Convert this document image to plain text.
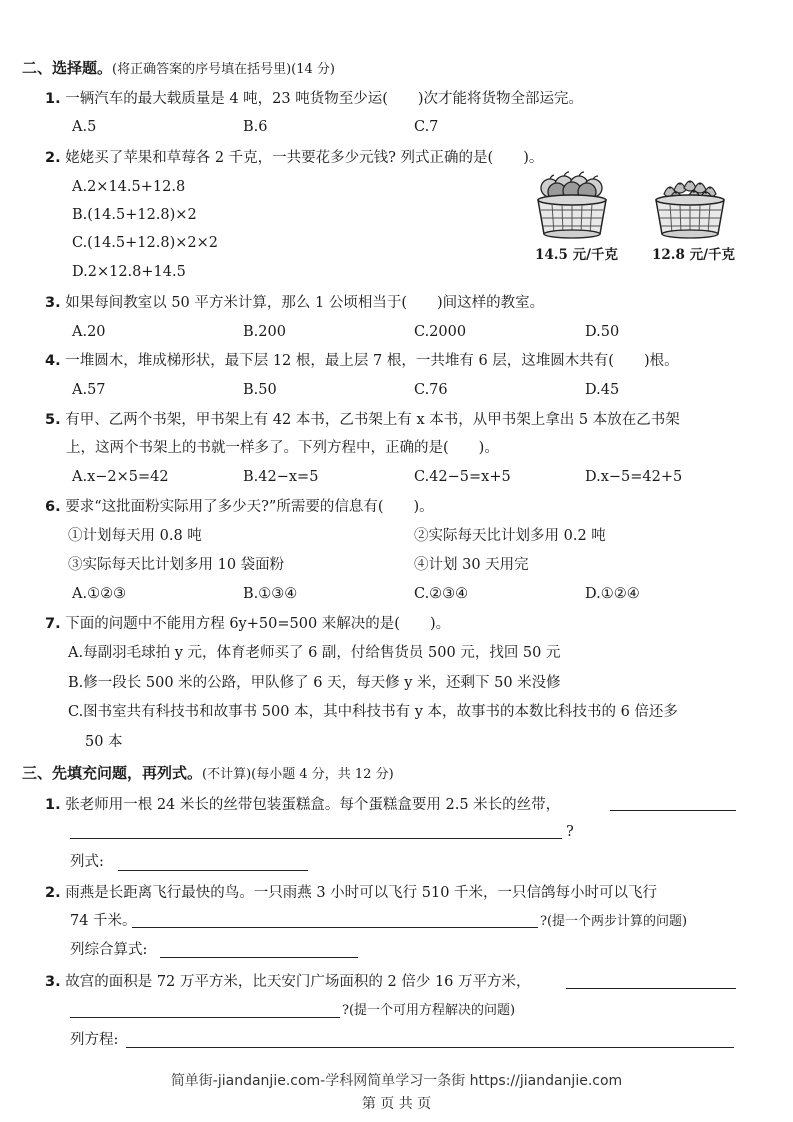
二、选择题。(将正确答案的序号填在括号里)(14 分)
1. 一辆汽车的最大载质量是 4 吨，23 吨货物至少运( )次才能将货物全部运完。
A.5	B.6	C.7
2. 姥姥买了苹果和草莓各 2 千克，一共要花多少元钱? 列式正确的是( )。
A.2×14.5+12.8
B.(14.5+12.8)×2
C.(14.5+12.8)×2×2
D.2×12.8+14.5
14.5 元/千克	12.8 元/千克
3. 如果每间教室以 50 平方米计算，那么 1 公顷相当于( )间这样的教室。
A.20	B.200	C.2000	D.50
4. 一堆圆木，堆成梯形状，最下层 12 根，最上层 7 根，一共堆有 6 层，这堆圆木共有( )根。
A.57	B.50	C.76	D.45
5. 有甲、乙两个书架，甲书架上有 42 本书，乙书架上有 x 本书，从甲书架上拿出 5 本放在乙书架
上，这两个书架上的书就一样多了。下列方程中，正确的是( )。
A.x−2×5=42	B.42−x=5	C.42−5=x+5	D.x−5=42+5
6. 要求“这批面粉实际用了多少天?”所需要的信息有( )。
①计划每天用 0.8 吨	②实际每天比计划多用 0.2 吨
③实际每天比计划多用 10 袋面粉	④计划 30 天用完
A.①②③	B.①③④	C.②③④	D.①②④
7. 下面的问题中不能用方程 6y+50=500 来解决的是( )。
A.每副羽毛球拍 y 元，体育老师买了 6 副，付给售货员 500 元，找回 50 元
B.修一段长 500 米的公路，甲队修了 6 天，每天修 y 米，还剩下 50 米没修
C.图书室共有科技书和故事书 500 本，其中科技书有 y 本，故事书的本数比科技书的 6 倍还多
50 本
三、先填充问题，再列式。(不计算)(每小题 4 分，共 12 分)
1. 张老师用一根 24 米长的丝带包装蛋糕盒。每个蛋糕盒要用 2.5 米长的丝带，
?
列式:
2. 雨燕是长距离飞行最快的鸟。一只雨燕 3 小时可以飞行 510 千米，一只信鸽每小时可以飞行
74 千米。	?(提一个两步计算的问题)
列综合算式:
3. 故宫的面积是 72 万平方米，比天安门广场面积的 2 倍少 16 万平方米，
?(提一个可用方程解决的问题)
列方程:
简单街-jiandanjie.com-学科网简单学习一条街 https://jiandanjie.com
第 页 共 页
